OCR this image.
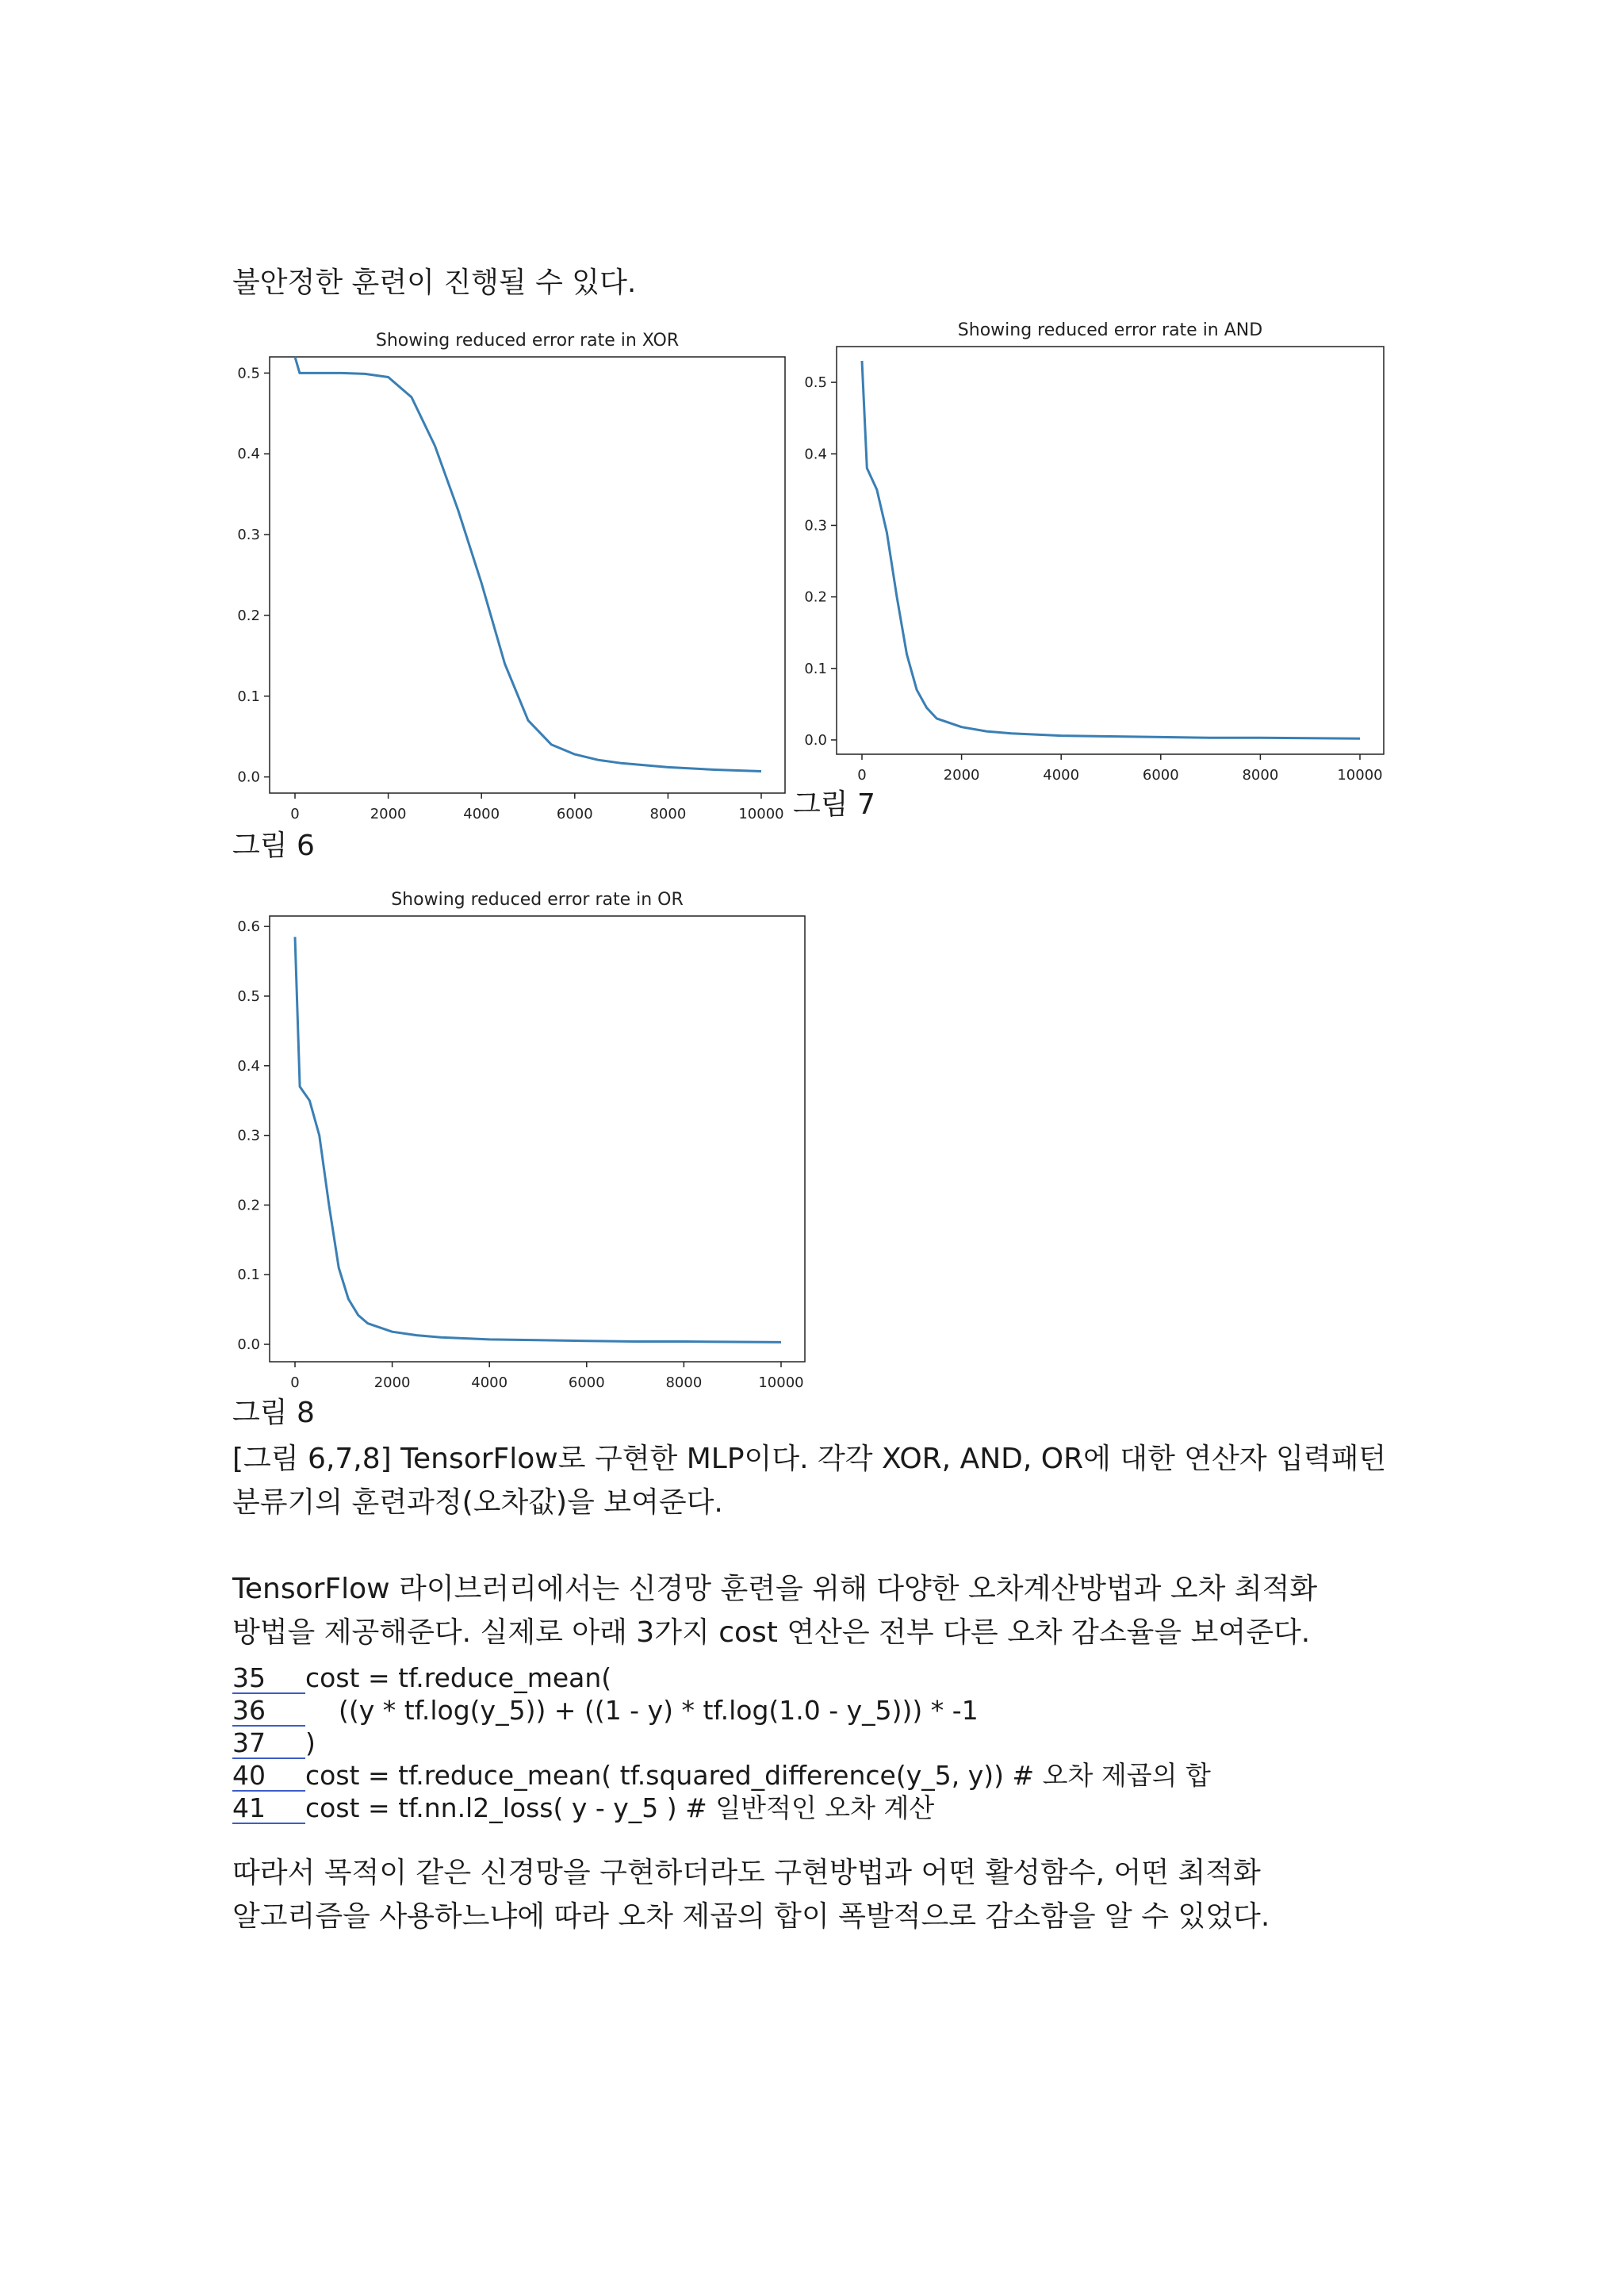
불안정한 훈련이 진행될 수 있다.
Showing reduced error rate in XOR
0	2000	4000	6000	8000	10000
0.0
0.1
0.2
0.3
0.4
0.5
그림 6
Showing reduced error rate in AND
0	2000	4000	6000	8000	10000
0.0
0.1
0.2
0.3
0.4
0.5
그림 7
Showing reduced error rate in OR
0	2000	4000	6000	8000	10000
0.0
0.1
0.2
0.3
0.4
0.5
0.6
그림 8
[그림 6,7,8] TensorFlow로 구현한 MLP이다. 각각 XOR, AND, OR에 대한 연산자 입력패턴
분류기의 훈련과정(오차값)을 보여준다.
TensorFlow 라이브러리에서는 신경망 훈련을 위해 다양한 오차계산방법과 오차 최적화
방법을 제공해준다. 실제로 아래 3가지 cost 연산은 전부 다른 오차 감소율을 보여준다.
35 cost = tf.reduce_mean(
36    ((y * tf.log(y_5)) + ((1 - y) * tf.log(1.0 - y_5))) * -1
37 )
40 cost = tf.reduce_mean( tf.squared_difference(y_5, y)) # 오차 제곱의 합
41 cost = tf.nn.l2_loss( y - y_5 ) # 일반적인 오차 계산
따라서 목적이 같은 신경망을 구현하더라도 구현방법과 어떤 활성함수, 어떤 최적화
알고리즘을 사용하느냐에 따라 오차 제곱의 합이 폭발적으로 감소함을 알 수 있었다.
